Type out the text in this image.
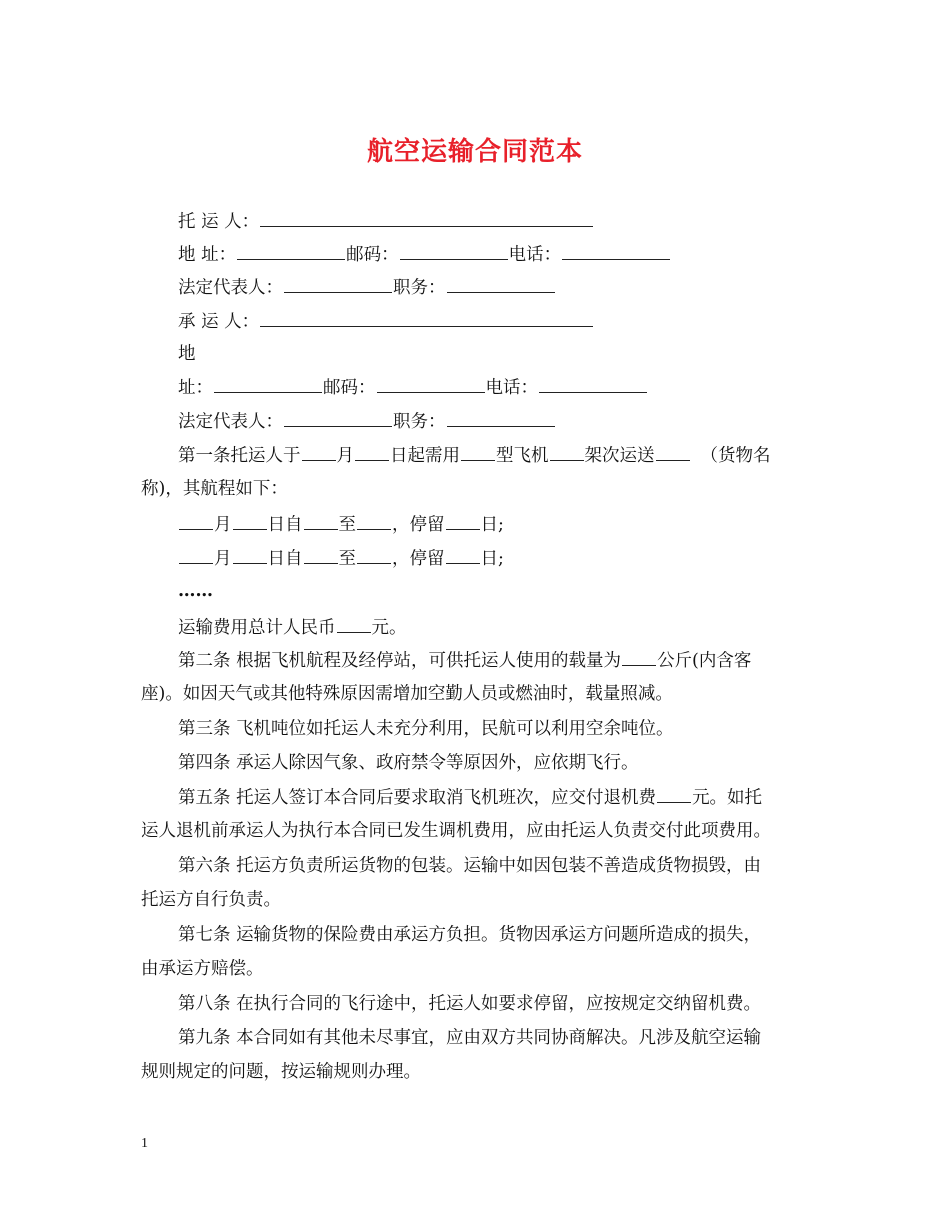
航空运输合同范本
托 运 人：
地 址：	邮码：	电话：
法定代表人：	职务：
承 运 人：
地
址：	邮码：	电话：
法定代表人：	职务：
第一条托运人于 月 日起需用 型飞机 架次运送	（货物名
称)，其航程如下：
月 日自 至 ，停留 日;
月 日自 至 ，停留 日;
……
运输费用总计人民币 元。
第二条 根据飞机航程及经停站，可供托运人使用的载量为 公斤(内含客
座)。如因天气或其他特殊原因需增加空勤人员或燃油时，载量照减。
第三条 飞机吨位如托运人未充分利用，民航可以利用空余吨位。
第四条 承运人除因气象、政府禁令等原因外，应依期飞行。
第五条 托运人签订本合同后要求取消飞机班次，应交付退机费 元。如托
运人退机前承运人为执行本合同已发生调机费用，应由托运人负责交付此项费用。
第六条 托运方负责所运货物的包装。运输中如因包装不善造成货物损毁，由
托运方自行负责。
第七条 运输货物的保险费由承运方负担。货物因承运方问题所造成的损失，
由承运方赔偿。
第八条 在执行合同的飞行途中，托运人如要求停留，应按规定交纳留机费。
第九条 本合同如有其他未尽事宜，应由双方共同协商解决。凡涉及航空运输
规则规定的问题，按运输规则办理。
1
